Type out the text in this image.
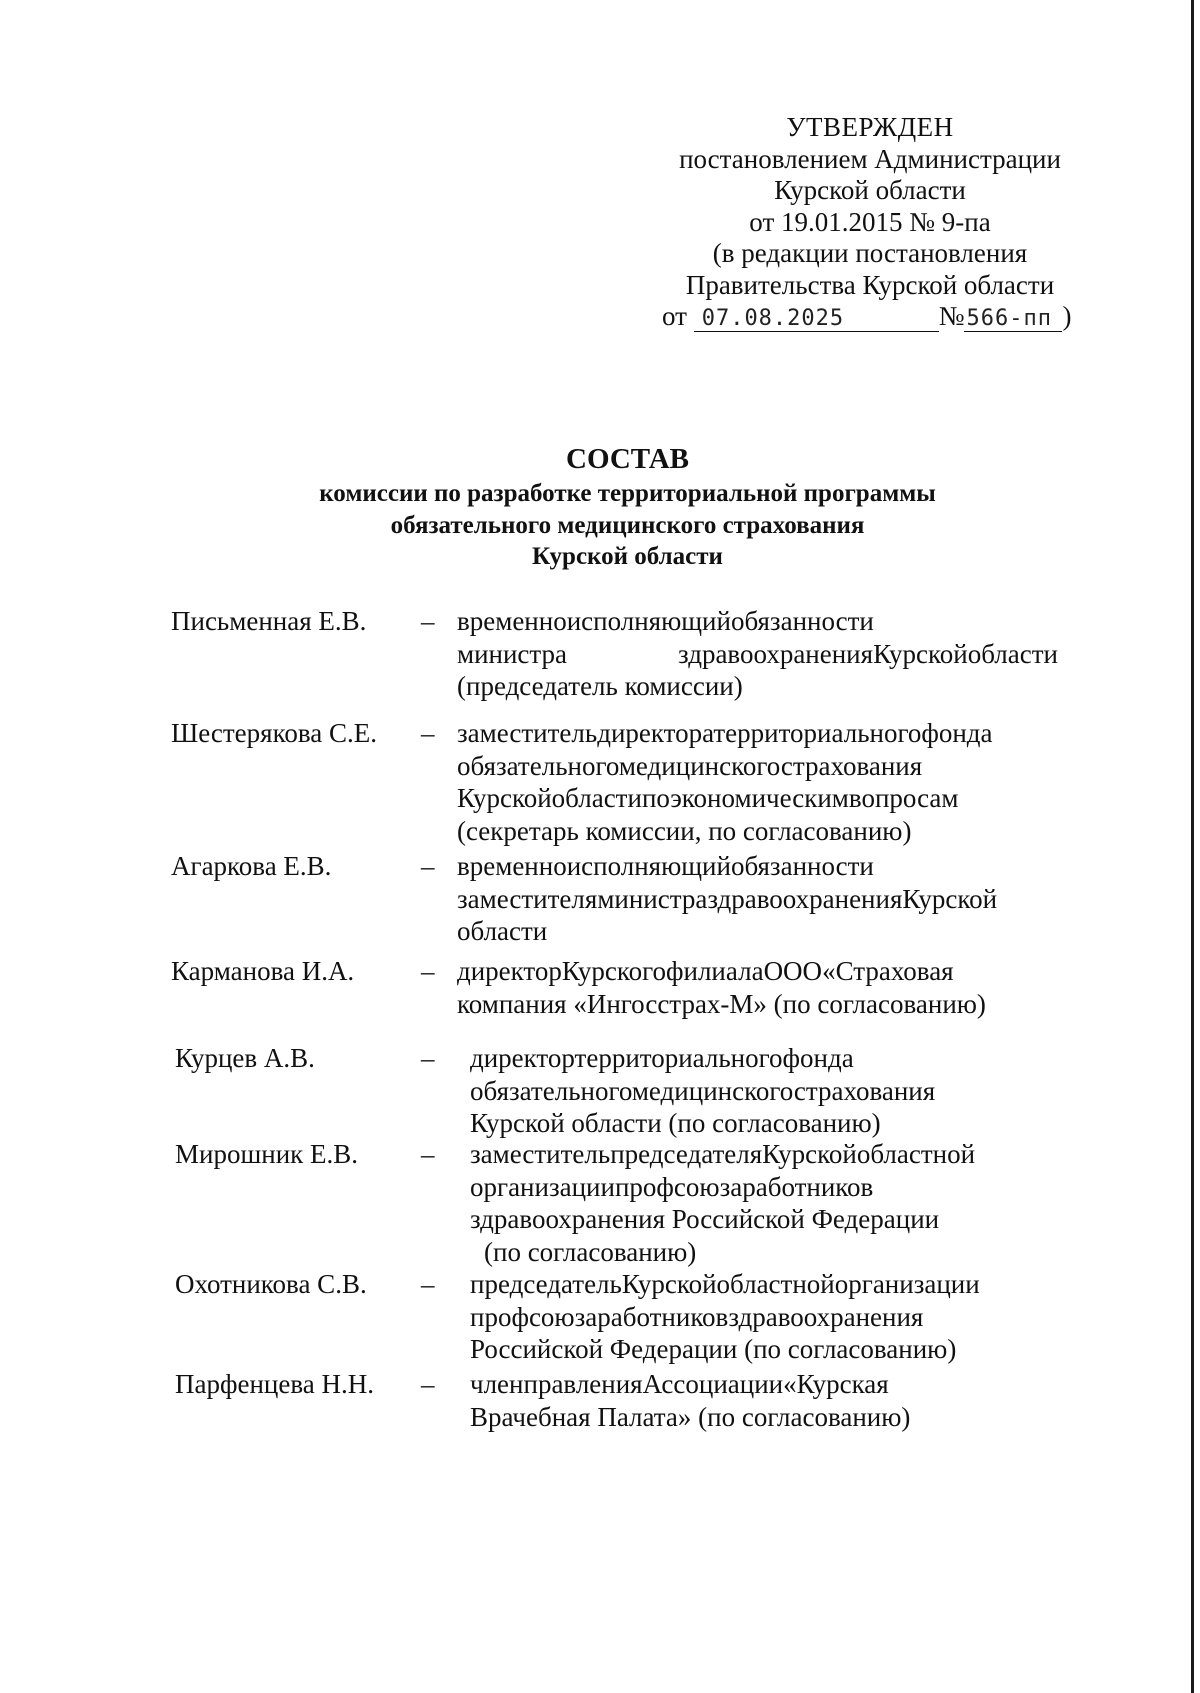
УТВЕРЖДЕН
постановлением Администрации
Курской области
от 19.01.2015 № 9-па
(в редакции постановления
Правительства Курской области
от 07.08.2025	№566-пп )
СОСТАВ
комиссии по разработке территориальной программы
обязательного медицинского страхования
Курской области
Письменная Е.В. – временноисполняющийобязанности
министра здравоохраненияКурскойобласти
(председатель комиссии)
Шестерякова С.Е. – заместительдиректоратерриториальногофонда
обязательногомедицинскогострахования
Курскойобластипоэкономическимвопросам
(секретарь комиссии, по согласованию)
Агаркова Е.В.	– временноисполняющийобязанности
заместителяминистраздравоохраненияКурской
области
Карманова И.А. – директорКурскогофилиалаООО«Страховая
компания «Ингосстрах-М» (по согласованию)
Курцев А.В.	– директортерриториальногофонда
обязательногомедицинскогострахования
Курской области (по согласованию)
Мирошник Е.В. – заместительпредседателяКурскойобластной
организациипрофсоюзаработников
здравоохранения Российской Федерации
(по согласованию)
Охотникова С.В. – председательКурскойобластнойорганизации
профсоюзаработниковздравоохранения
Российской Федерации (по согласованию)
Парфенцева Н.Н. – членправленияАссоциации«Курская
Врачебная Палата» (по согласованию)
